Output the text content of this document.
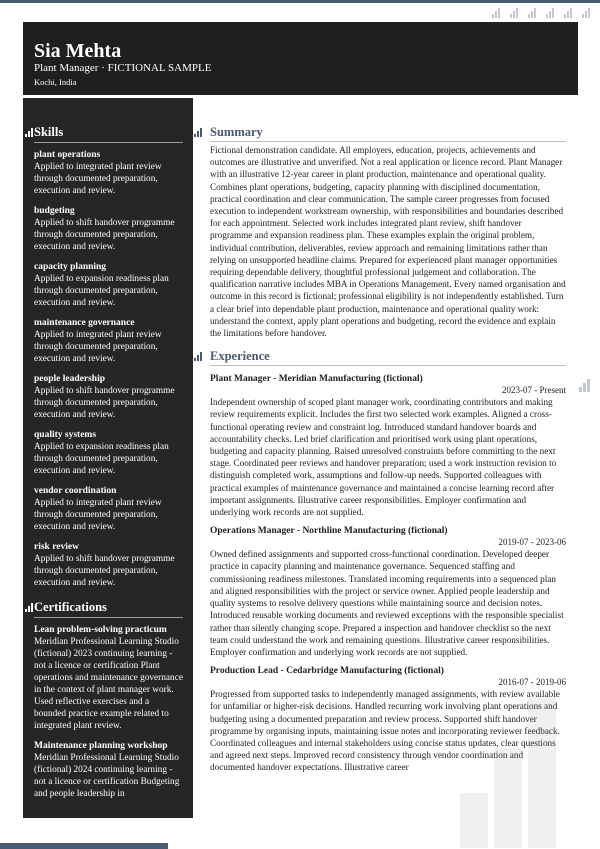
Sia Mehta
Plant Manager · FICTIONAL SAMPLE
Kochi, India
Skills
plant operations
Applied to integrated plant review through documented preparation, execution and review.
budgeting
Applied to shift handover programme through documented preparation, execution and review.
capacity planning
Applied to expansion readiness plan through documented preparation, execution and review.
maintenance governance
Applied to integrated plant review through documented preparation, execution and review.
people leadership
Applied to shift handover programme through documented preparation, execution and review.
quality systems
Applied to expansion readiness plan through documented preparation, execution and review.
vendor coordination
Applied to integrated plant review through documented preparation, execution and review.
risk review
Applied to shift handover programme through documented preparation, execution and review.
Certifications
Lean problem-solving practicum
Meridian Professional Learning Studio (fictional) 2023 continuing learning - not a licence or certification Plant operations and maintenance governance in the context of plant manager work. Used reflective exercises and a bounded practice example related to integrated plant review.
Maintenance planning workshop
Meridian Professional Learning Studio (fictional) 2024 continuing learning - not a licence or certification Budgeting and people leadership in
Summary
Fictional demonstration candidate. All employers, education, projects, achievements and outcomes are illustrative and unverified. Not a real application or licence record. Plant Manager with an illustrative 12-year career in plant production, maintenance and operational quality. Combines plant operations, budgeting, capacity planning with disciplined documentation, practical coordination and clear communication. The sample career progresses from focused execution to independent workstream ownership, with responsibilities and boundaries described for each appointment. Selected work includes integrated plant review, shift handover programme and expansion readiness plan. These examples explain the original problem, individual contribution, deliverables, review approach and remaining limitations rather than relying on unsupported headline claims. Prepared for experienced plant manager opportunities requiring dependable delivery, thoughtful professional judgement and collaboration. The qualification narrative includes MBA in Operations Management. Every named organisation and outcome in this record is fictional; professional eligibility is not independently established. Turn a clear brief into dependable plant production, maintenance and operational quality work: understand the context, apply plant operations and budgeting, record the evidence and explain the limitations before handover.
Experience
Plant Manager - Meridian Manufacturing (fictional)
2023-07 - Present
Independent ownership of scoped plant manager work, coordinating contributors and making review requirements explicit. Includes the first two selected work examples. Aligned a cross-functional operating review and constraint log. Introduced standard handover boards and accountability checks. Led brief clarification and prioritised work using plant operations, budgeting and capacity planning. Raised unresolved constraints before committing to the next stage. Coordinated peer reviews and handover preparation; used a work instruction revision to distinguish completed work, assumptions and follow-up needs. Supported colleagues with practical examples of maintenance governance and maintained a concise learning record after important assignments. Illustrative career responsibilities. Employer confirmation and underlying work records are not supplied.
Operations Manager - Northline Manufacturing (fictional)
2019-07 - 2023-06
Owned defined assignments and supported cross-functional coordination. Developed deeper practice in capacity planning and maintenance governance. Sequenced staffing and commissioning readiness milestones. Translated incoming requirements into a sequenced plan and aligned responsibilities with the project or service owner. Applied people leadership and quality systems to resolve delivery questions while maintaining source and decision notes. Introduced reusable working documents and reviewed exceptions with the responsible specialist rather than silently changing scope. Prepared a inspection and handover checklist so the next team could understand the work and remaining questions. Illustrative career responsibilities. Employer confirmation and underlying work records are not supplied.
Production Lead - Cedarbridge Manufacturing (fictional)
2016-07 - 2019-06
Progressed from supported tasks to independently managed assignments, with review available for unfamiliar or higher-risk decisions. Handled recurring work involving plant operations and budgeting using a documented preparation and review process. Supported shift handover programme by organising inputs, maintaining issue notes and incorporating reviewer feedback. Coordinated colleagues and internal stakeholders using concise status updates, clear questions and agreed next steps. Improved record consistency through vendor coordination and documented handover expectations. Illustrative career
